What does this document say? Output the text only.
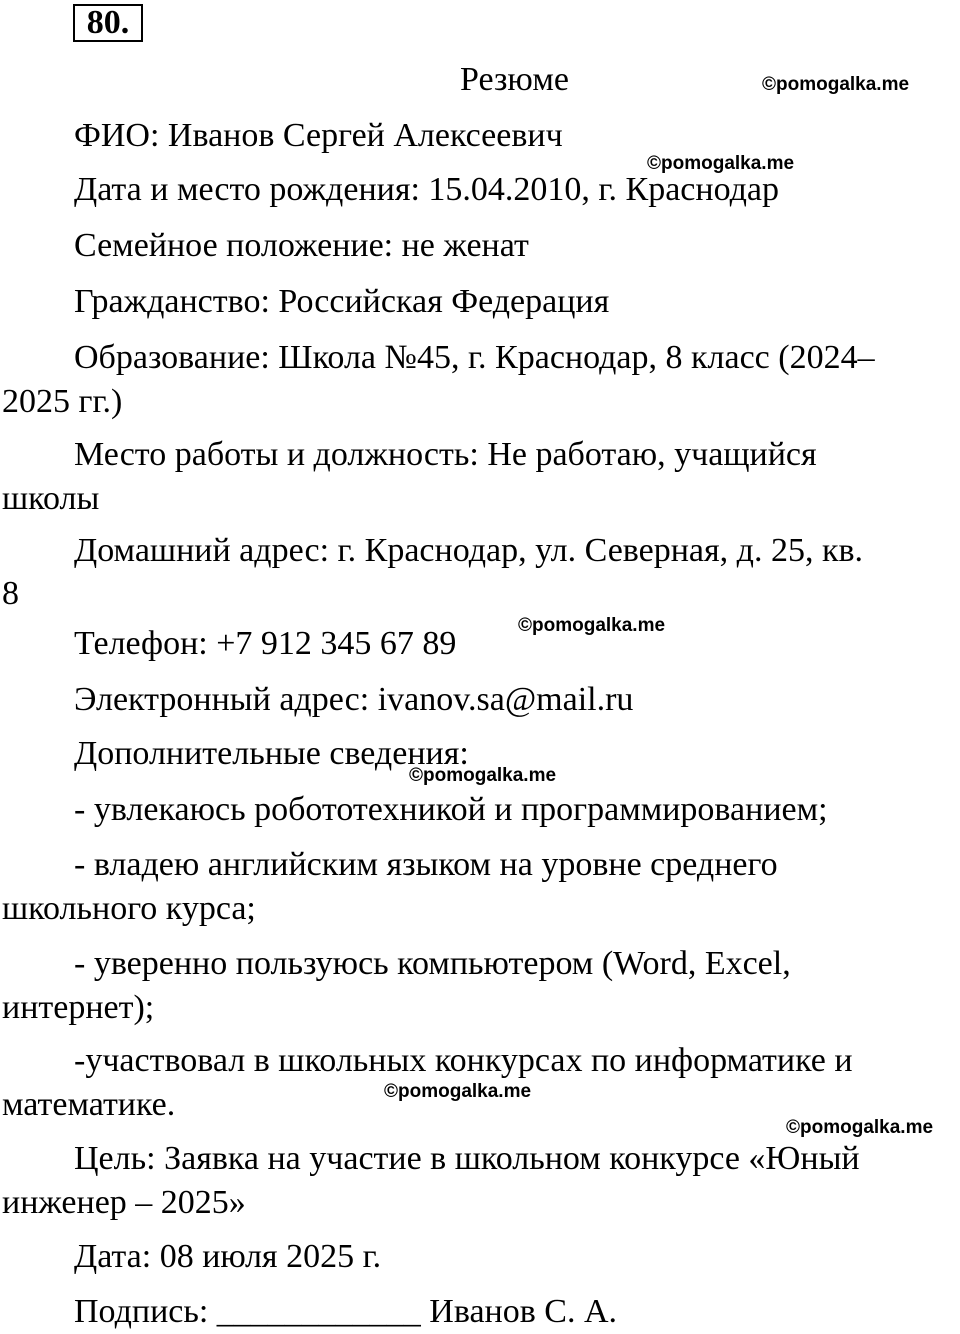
80.
Резюме
ФИО: Иванов Сергей Алексеевич
Дата и место рождения: 15.04.2010, г. Краснодар
Семейное положение: не женат
Гражданство: Российская Федерация
Образование: Школа №45, г. Краснодар, 8 класс (2024–
2025 гг.)
Место работы и должность: Не работаю, учащийся
школы
Домашний адрес: г. Краснодар, ул. Северная, д. 25, кв.
8
Телефон: +7 912 345 67 89
Электронный адрес: ivanov.sa@mail.ru
Дополнительные сведения:
- увлекаюсь робототехникой и программированием;
- владею английским языком на уровне среднего
школьного курса;
- уверенно пользуюсь компьютером (Word, Excel,
интернет);
-участвовал в школьных конкурсах по информатике и
математике.
Цель: Заявка на участие в школьном конкурсе «Юный
инженер – 2025»
Дата: 08 июля 2025 г.
Подпись: ____________ Иванов С. А.
©pomogalka.me
©pomogalka.me
©pomogalka.me
©pomogalka.me
©pomogalka.me
©pomogalka.me
